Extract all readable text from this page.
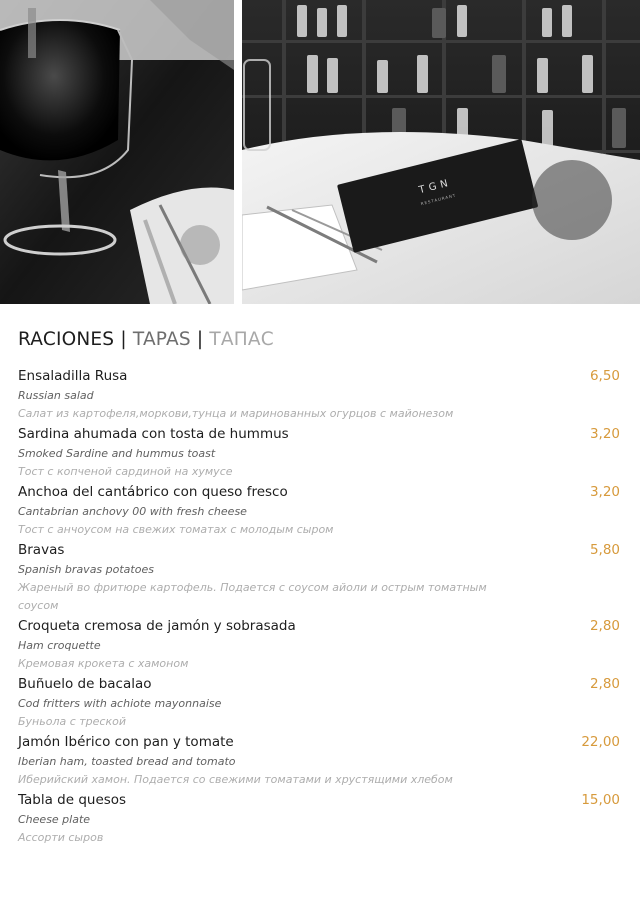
TGN
RESTAURANT
RACIONES | TAPAS | ТАПАС
Ensaladilla Rusa	6,50
Russian salad
Салат из картофеля,моркови,тунца и маринованных огурцов с майонезом
Sardina ahumada con tosta de hummus	3,20
Smoked Sardine and hummus toast
Тост с копченой сардиной на хумусе
Anchoa del cantábrico con queso fresco	3,20
Cantabrian anchovy 00 with fresh cheese
Тост с анчоусом на свежих томатах с молодым сыром
Bravas	5,80
Spanish bravas potatoes
Жареный во фритюре картофель. Подается с соусом айоли и острым томатным соусом
Croqueta cremosa de jamón y sobrasada	2,80
Ham croquette
Кремовая крокета с хамоном
Buñuelo de bacalao	2,80
Cod fritters with achiote mayonnaise
Буньола с треской
Jamón Ibérico con pan y tomate	22,00
Iberian ham, toasted bread and tomato
Иберийский хамон. Подается со свежими томатами и хрустящими хлебом
Tabla de quesos	15,00
Cheese plate
Ассорти сыров
